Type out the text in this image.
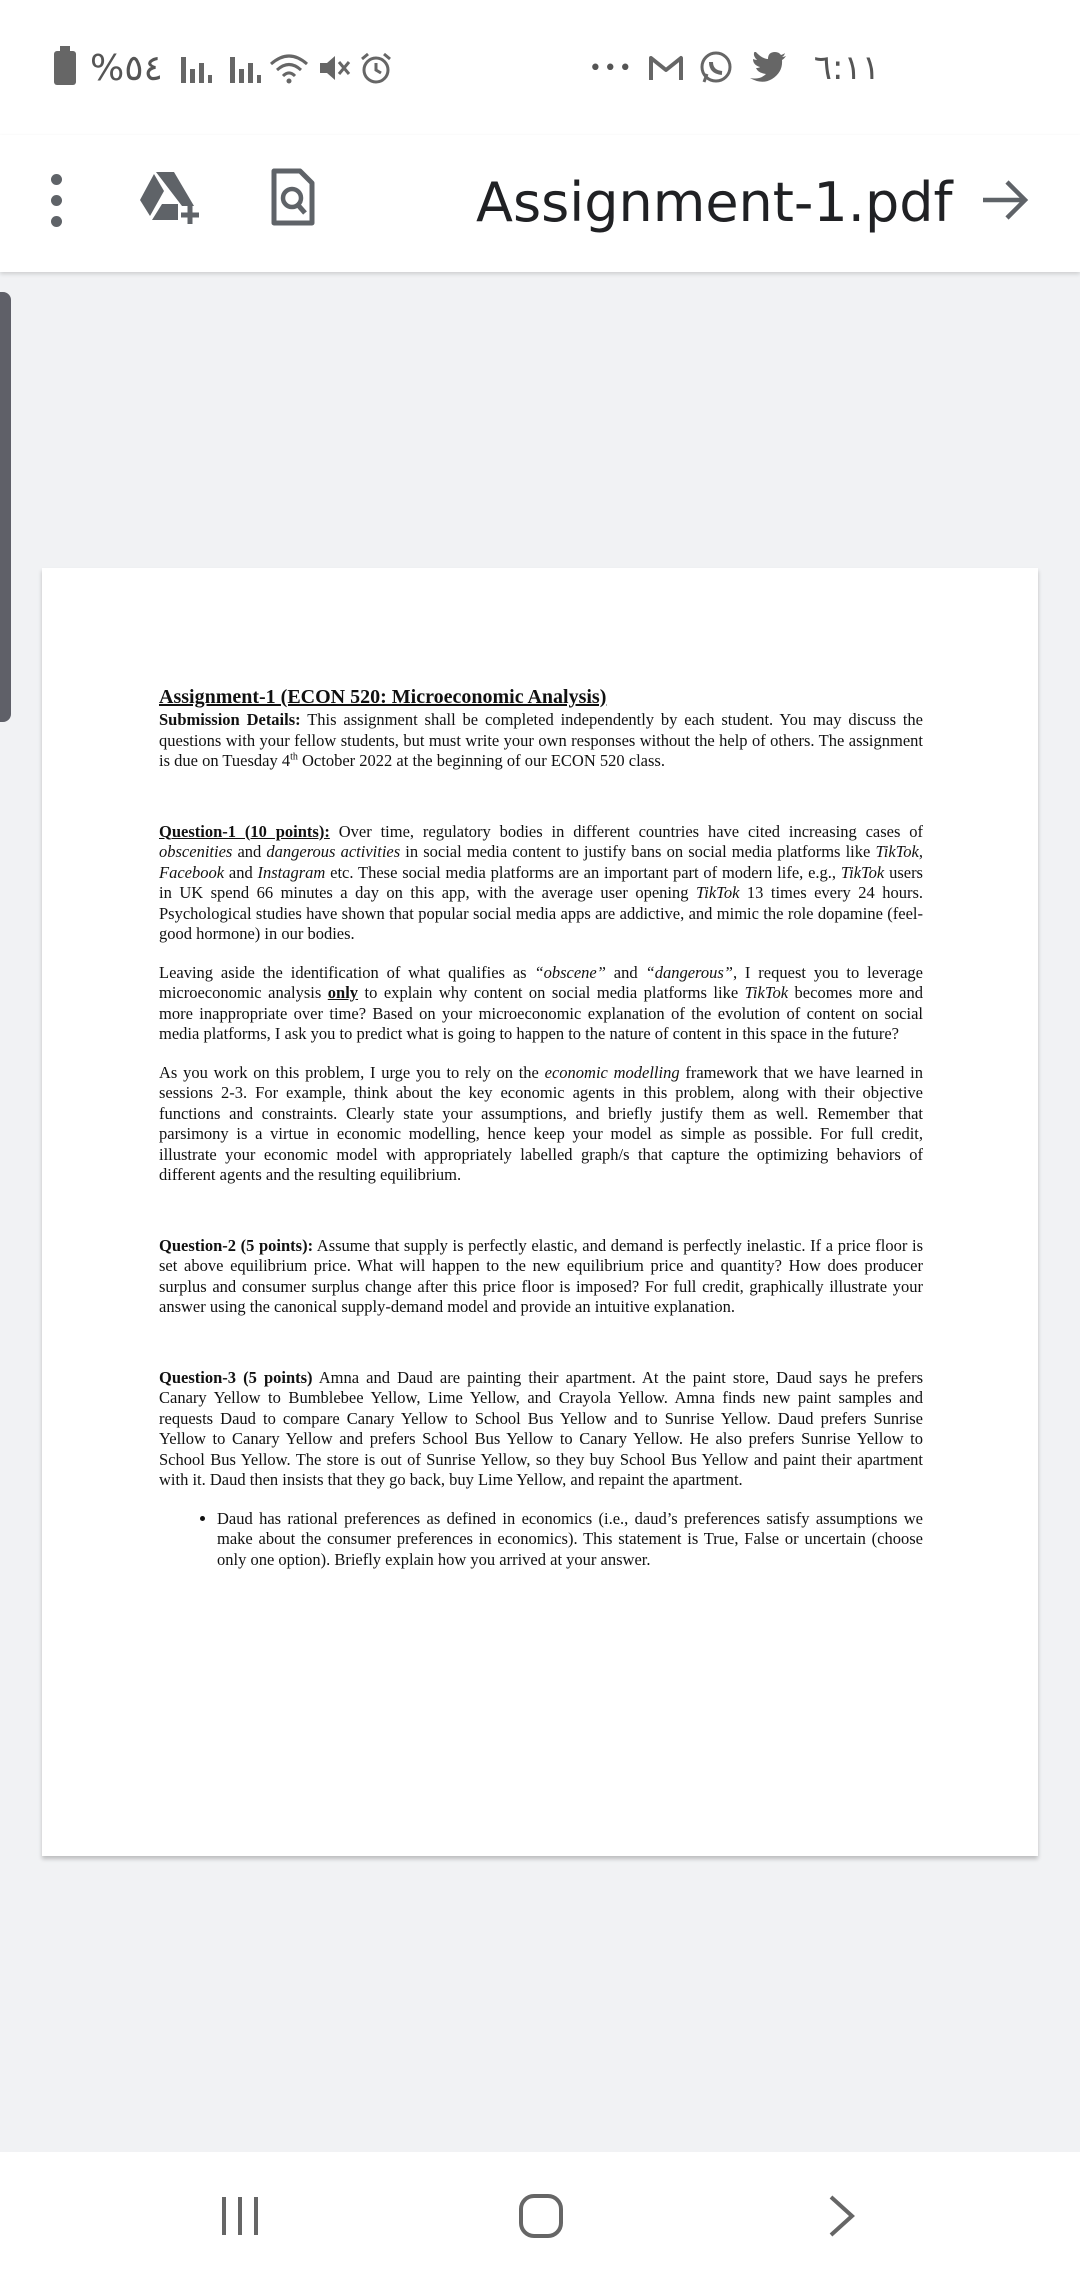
%٥٤	•••	٦:١١
Assignment-1.pdf

Assignment-1 (ECON 520: Microeconomic Analysis)

Submission Details: This assignment shall be completed independently by each student. You may discuss the questions with your fellow students, but must write your own responses without the help of others. The assignment is due on Tuesday 4th October 2022 at the beginning of our ECON 520 class.

Question-1 (10 points): Over time, regulatory bodies in different countries have cited increasing cases of obscenities and dangerous activities in social media content to justify bans on social media platforms like TikTok, Facebook and Instagram etc. These social media platforms are an important part of modern life, e.g., TikTok users in UK spend 66 minutes a day on this app, with the average user opening TikTok 13 times every 24 hours. Psychological studies have shown that popular social media apps are addictive, and mimic the role dopamine (feel-good hormone) in our bodies.

Leaving aside the identification of what qualifies as “obscene” and “dangerous”, I request you to leverage microeconomic analysis only to explain why content on social media platforms like TikTok becomes more and more inappropriate over time? Based on your microeconomic explanation of the evolution of content on social media platforms, I ask you to predict what is going to happen to the nature of content in this space in the future?

As you work on this problem, I urge you to rely on the economic modelling framework that we have learned in sessions 2-3. For example, think about the key economic agents in this problem, along with their objective functions and constraints. Clearly state your assumptions, and briefly justify them as well. Remember that parsimony is a virtue in economic modelling, hence keep your model as simple as possible. For full credit, illustrate your economic model with appropriately labelled graph/s that capture the optimizing behaviors of different agents and the resulting equilibrium.

Question-2 (5 points): Assume that supply is perfectly elastic, and demand is perfectly inelastic. If a price floor is set above equilibrium price. What will happen to the new equilibrium price and quantity? How does producer surplus and consumer surplus change after this price floor is imposed? For full credit, graphically illustrate your answer using the canonical supply-demand model and provide an intuitive explanation.

Question-3 (5 points) Amna and Daud are painting their apartment. At the paint store, Daud says he prefers Canary Yellow to Bumblebee Yellow, Lime Yellow, and Crayola Yellow. Amna finds new paint samples and requests Daud to compare Canary Yellow to School Bus Yellow and to Sunrise Yellow. Daud prefers Sunrise Yellow to Canary Yellow and prefers School Bus Yellow to Canary Yellow. He also prefers Sunrise Yellow to School Bus Yellow. The store is out of Sunrise Yellow, so they buy School Bus Yellow and paint their apartment with it. Daud then insists that they go back, buy Lime Yellow, and repaint the apartment.

• Daud has rational preferences as defined in economics (i.e., daud’s preferences satisfy assumptions we make about the consumer preferences in economics). This statement is True, False or uncertain (choose only one option). Briefly explain how you arrived at your answer.
